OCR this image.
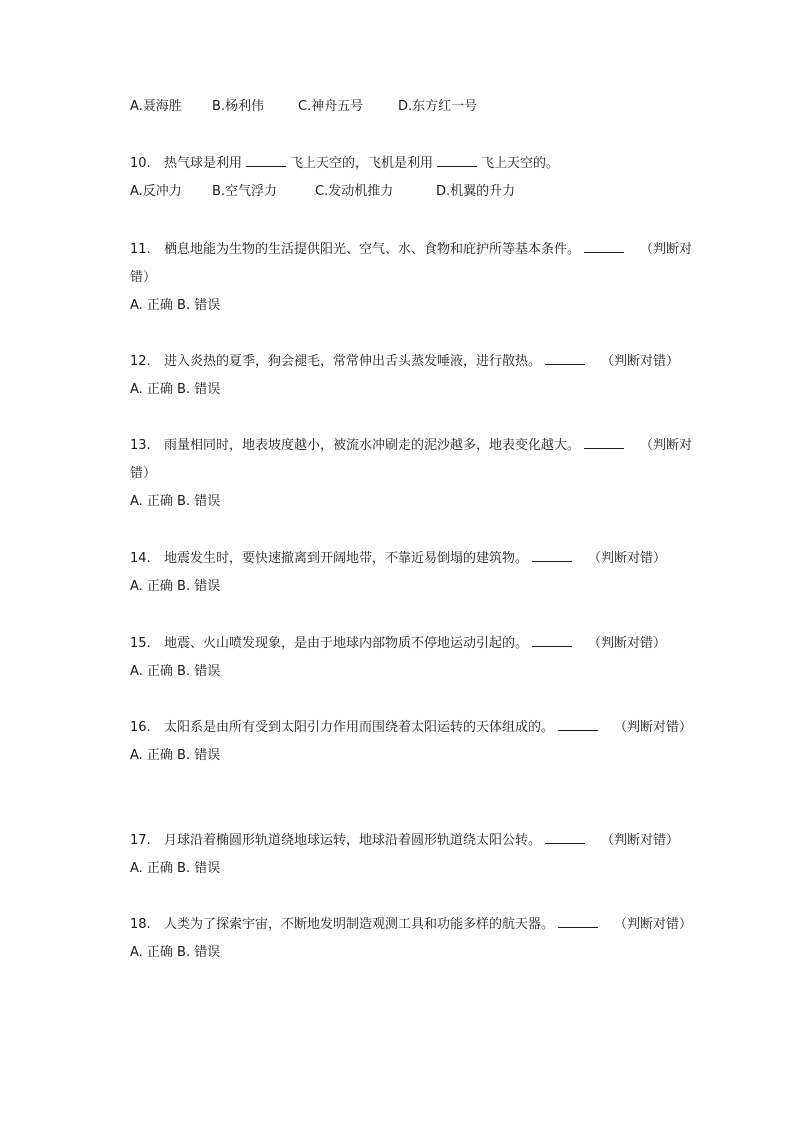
A.聂海胜 B.杨利伟	C.神舟五号	D.东方红一号
10. 热气球是利用	飞上天空的，飞机是利用	飞上天空的。
A.反冲力 B.空气浮力	C.发动机推力	D.机翼的升力
11. 栖息地能为生物的生活提供阳光、空气、水、食物和庇护所等基本条件。	（判断对错）
A. 正确 B. 错误
12. 进入炎热的夏季，狗会褪毛，常常伸出舌头蒸发唾液，进行散热。	（判断对错）
A. 正确 B. 错误
13. 雨量相同时，地表坡度越小，被流水冲刷走的泥沙越多，地表变化越大。	（判断对错）
A. 正确 B. 错误
14. 地震发生时，要快速撤离到开阔地带，不靠近易倒塌的建筑物。	（判断对错）
A. 正确 B. 错误
15. 地震、火山喷发现象，是由于地球内部物质不停地运动引起的。	（判断对错）
A. 正确 B. 错误
16. 太阳系是由所有受到太阳引力作用而围绕着太阳运转的天体组成的。	（判断对错）
A. 正确 B. 错误
17. 月球沿着椭圆形轨道绕地球运转，地球沿着圆形轨道绕太阳公转。	（判断对错）
A. 正确 B. 错误
18. 人类为了探索宇宙，不断地发明制造观测工具和功能多样的航天器。	（判断对错）
A. 正确 B. 错误
